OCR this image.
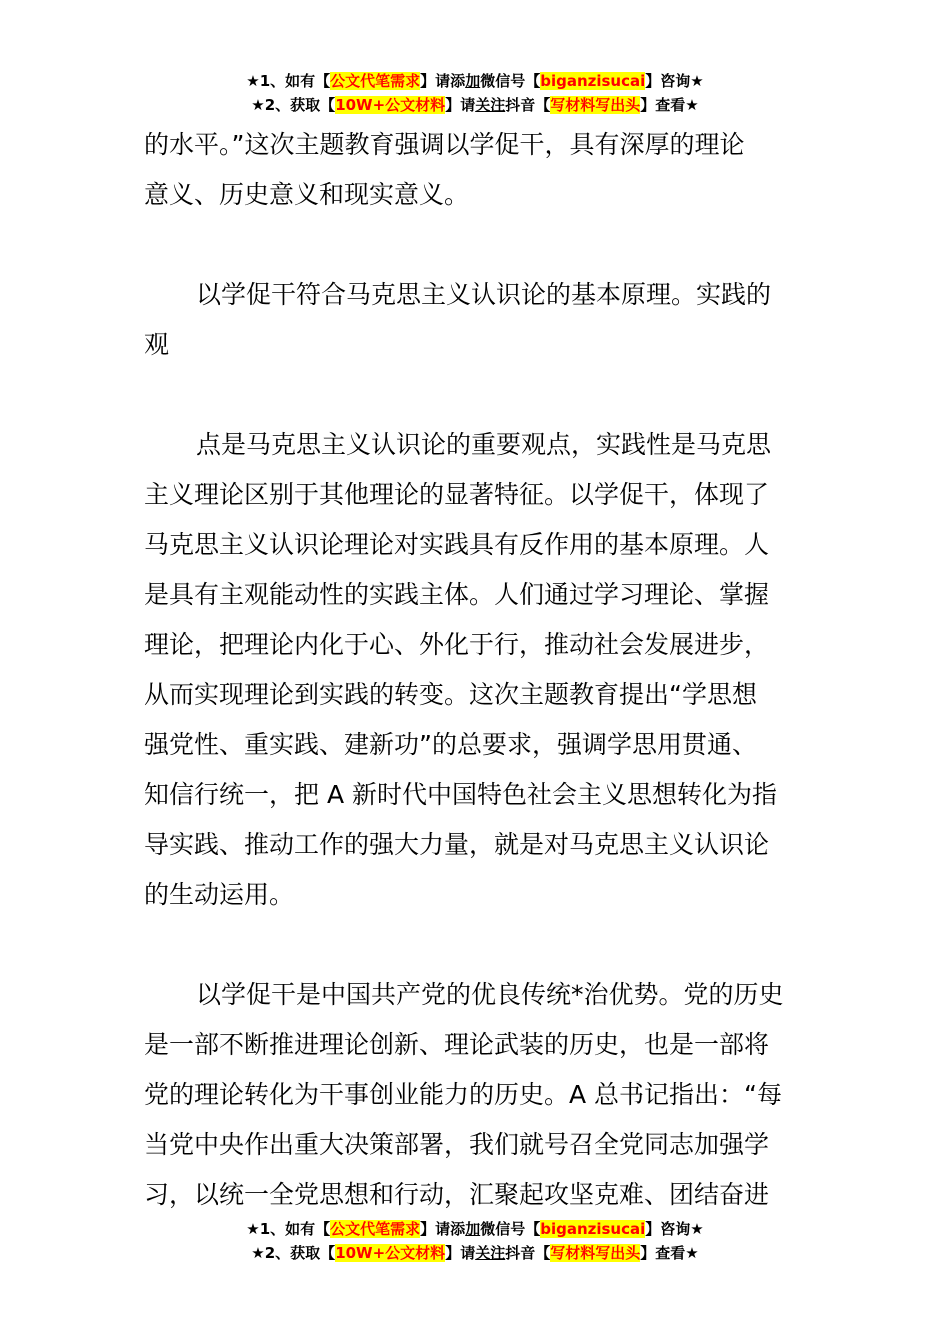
★1、如有【公文代笔需求】请添加微信号【biganzisucai】咨询★
★2、获取【10W+公文材料】请关注抖音【写材料写出头】查看★

的水平。”这次主题教育强调以学促干，具有深厚的理论
意义、历史意义和现实意义。

以学促干符合马克思主义认识论的基本原理。实践的
观

点是马克思主义认识论的重要观点，实践性是马克思
主义理论区别于其他理论的显著特征。以学促干，体现了
马克思主义认识论理论对实践具有反作用的基本原理。人
是具有主观能动性的实践主体。人们通过学习理论、掌握
理论，把理论内化于心、外化于行，推动社会发展进步，
从而实现理论到实践的转变。这次主题教育提出“学思想
强党性、重实践、建新功”的总要求，强调学思用贯通、
知信行统一，把 A 新时代中国特色社会主义思想转化为指
导实践、推动工作的强大力量，就是对马克思主义认识论
的生动运用。

以学促干是中国共产党的优良传统*治优势。党的历史
是一部不断推进理论创新、理论武装的历史，也是一部将
党的理论转化为干事创业能力的历史。A 总书记指出：“每
当党中央作出重大决策部署，我们就号召全党同志加强学
习，以统一全党思想和行动，汇聚起攻坚克难、团结奋进

★1、如有【公文代笔需求】请添加微信号【biganzisucai】咨询★
★2、获取【10W+公文材料】请关注抖音【写材料写出头】查看★
